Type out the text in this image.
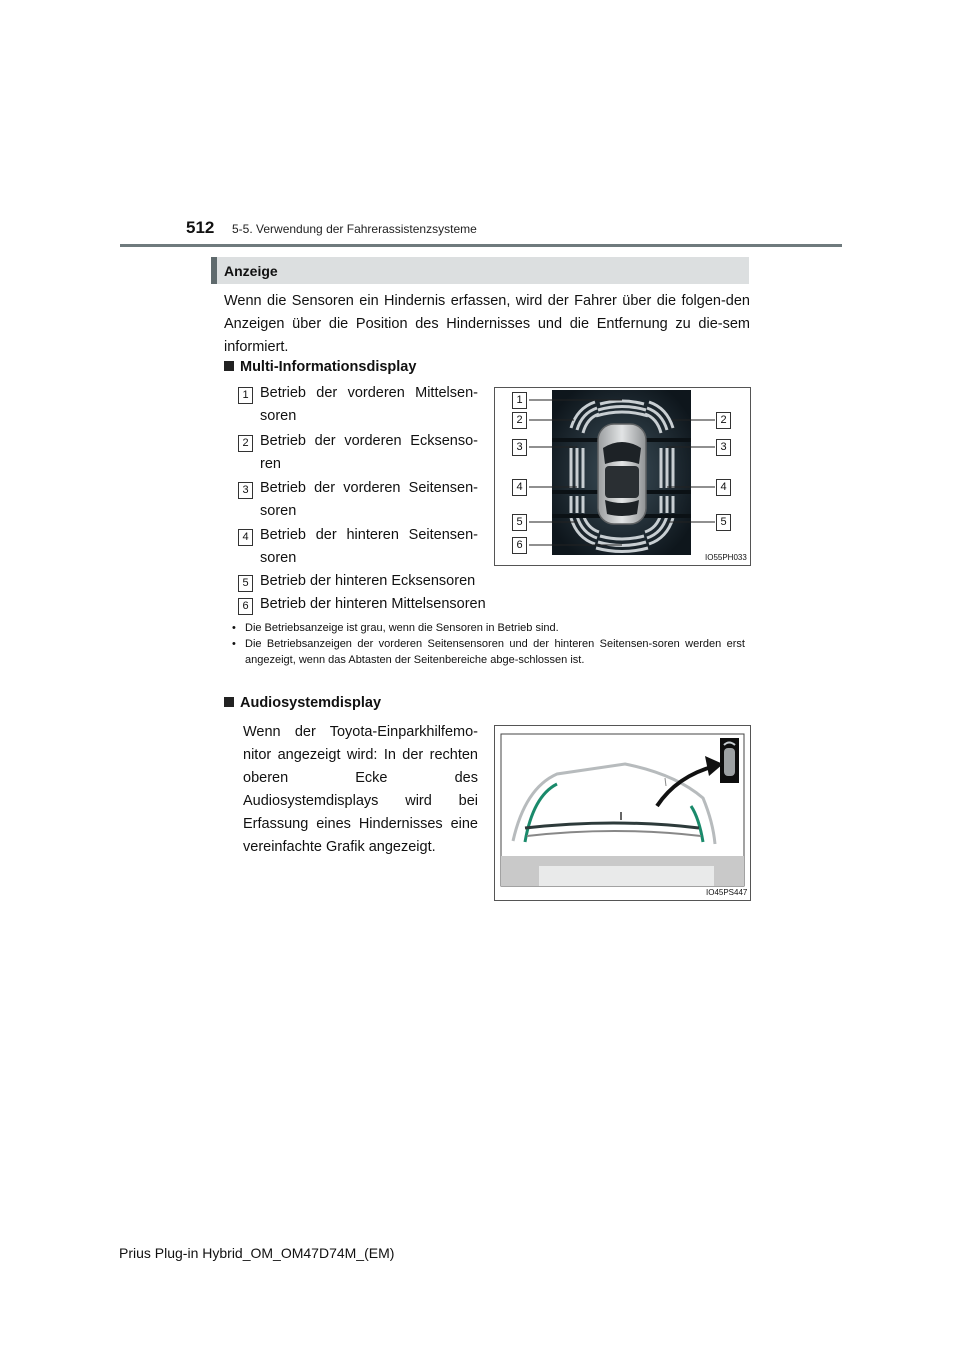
512 5-5. Verwendung der Fahrerassistenzsysteme
Anzeige
Wenn die Sensoren ein Hindernis erfassen, wird der Fahrer über die folgen-den Anzeigen über die Position des Hindernisses und die Entfernung zu die-sem informiert.
Multi-Informationsdisplay
1 Betrieb der vorderen Mittelsen-soren
2 Betrieb der vorderen Ecksenso-ren
3 Betrieb der vorderen Seitensen-soren
4 Betrieb der hinteren Seitensen-soren
5 Betrieb der hinteren Ecksensoren
6 Betrieb der hinteren Mittelsensoren
1
2	2
3	3
4	4
5	5
6
IO55PH033
• Die Betriebsanzeige ist grau, wenn die Sensoren in Betrieb sind.
• Die Betriebsanzeigen der vorderen Seitensensoren und der hinteren Seitensen-soren werden erst angezeigt, wenn das Abtasten der Seitenbereiche abge-schlossen ist.
Audiosystemdisplay
Wenn der Toyota-Einparkhilfemo-nitor angezeigt wird: In der rechten oberen Ecke des Audiosystemdisplays wird bei Erfassung eines Hindernisses eine vereinfachte Grafik angezeigt.
IO45PS447
Prius Plug-in Hybrid_OM_OM47D74M_(EM)
